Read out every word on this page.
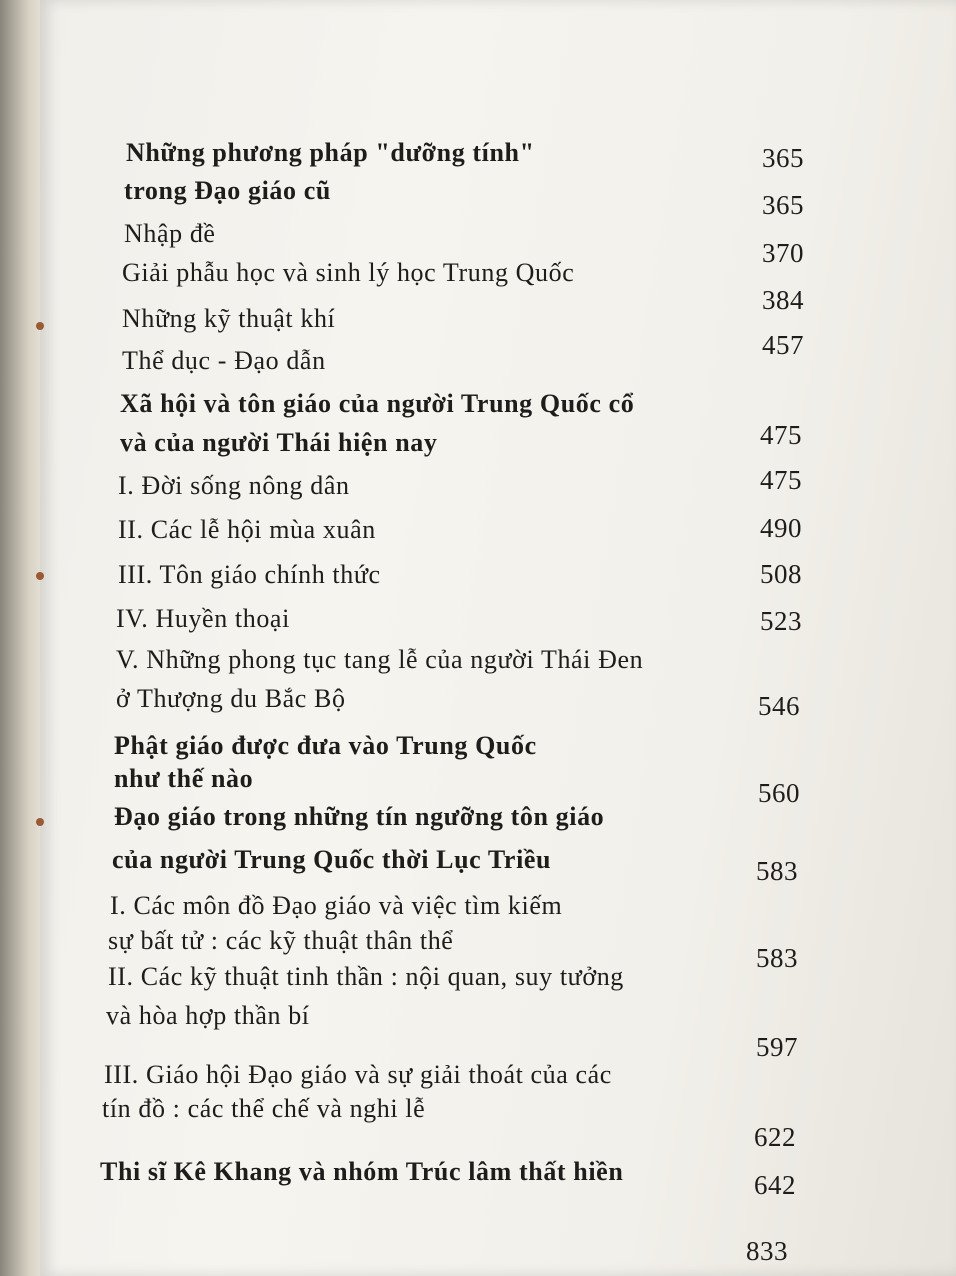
Những phương pháp "dưỡng tính"
trong Đạo giáo cũ
Nhập đề
Giải phẫu học và sinh lý học Trung Quốc
Những kỹ thuật khí
Thể dục - Đạo dẫn
Xã hội và tôn giáo của người Trung Quốc cổ
và của người Thái hiện nay
I. Đời sống nông dân
II. Các lễ hội mùa xuân
III. Tôn giáo chính thức
IV. Huyền thoại
V. Những phong tục tang lễ của người Thái Đen
ở Thượng du Bắc Bộ
Phật giáo được đưa vào Trung Quốc
như thế nào
Đạo giáo trong những tín ngưỡng tôn giáo
của người Trung Quốc thời Lục Triều
I. Các môn đồ Đạo giáo và việc tìm kiếm
sự bất tử : các kỹ thuật thân thể
II. Các kỹ thuật tinh thần : nội quan, suy tưởng
và hòa hợp thần bí
III. Giáo hội Đạo giáo và sự giải thoát của các
tín đồ : các thể chế và nghi lễ
Thi sĩ Kê Khang và nhóm Trúc lâm thất hiền
365
365
370
384
457
475
475
490
508
523
546
560
583
583
597
622
642
833
